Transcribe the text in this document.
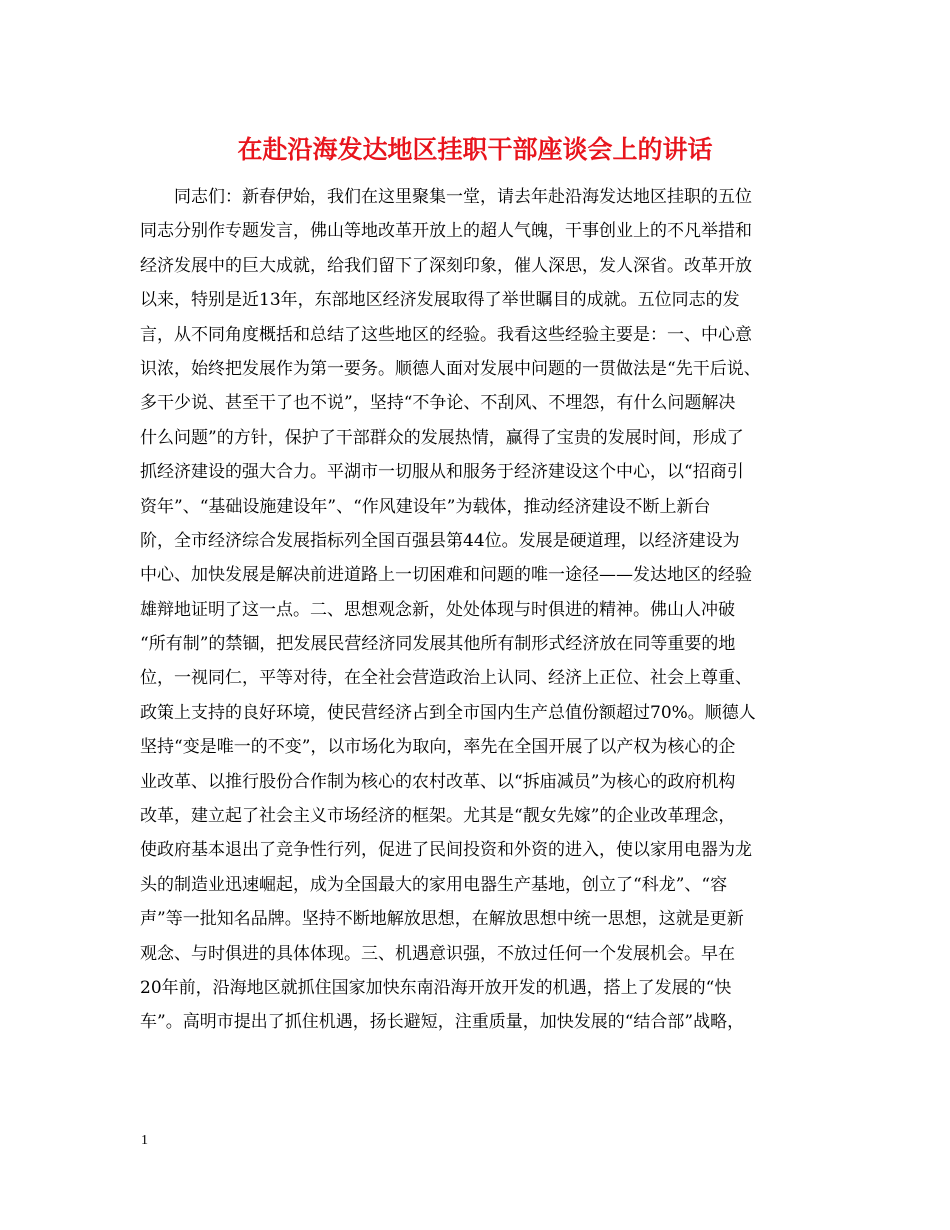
在赴沿海发达地区挂职干部座谈会上的讲话
　　同志们：新春伊始，我们在这里聚集一堂，请去年赴沿海发达地区挂职的五位
同志分别作专题发言，佛山等地改革开放上的超人气魄，干事创业上的不凡举措和
经济发展中的巨大成就，给我们留下了深刻印象，催人深思，发人深省。改革开放
以来，特别是近13年，东部地区经济发展取得了举世瞩目的成就。五位同志的发
言，从不同角度概括和总结了这些地区的经验。我看这些经验主要是：一、中心意
识浓，始终把发展作为第一要务。顺德人面对发展中问题的一贯做法是“先干后说、
多干少说、甚至干了也不说”，坚持“不争论、不刮风、不埋怨，有什么问题解决
什么问题”的方针，保护了干部群众的发展热情，赢得了宝贵的发展时间，形成了
抓经济建设的强大合力。平湖市一切服从和服务于经济建设这个中心，以“招商引
资年”、“基础设施建设年”、“作风建设年”为载体，推动经济建设不断上新台
阶，全市经济综合发展指标列全国百强县第44位。发展是硬道理，以经济建设为
中心、加快发展是解决前进道路上一切困难和问题的唯一途径——发达地区的经验
雄辩地证明了这一点。二、思想观念新，处处体现与时俱进的精神。佛山人冲破
“所有制”的禁锢，把发展民营经济同发展其他所有制形式经济放在同等重要的地
位，一视同仁，平等对待，在全社会营造政治上认同、经济上正位、社会上尊重、
政策上支持的良好环境，使民营经济占到全市国内生产总值份额超过70%。顺德人
坚持“变是唯一的不变”，以市场化为取向，率先在全国开展了以产权为核心的企
业改革、以推行股份合作制为核心的农村改革、以“拆庙减员”为核心的政府机构
改革，建立起了社会主义市场经济的框架。尤其是“靓女先嫁”的企业改革理念，
使政府基本退出了竞争性行列，促进了民间投资和外资的进入，使以家用电器为龙
头的制造业迅速崛起，成为全国最大的家用电器生产基地，创立了“科龙”、“容
声”等一批知名品牌。坚持不断地解放思想，在解放思想中统一思想，这就是更新
观念、与时俱进的具体体现。三、机遇意识强，不放过任何一个发展机会。早在
20年前，沿海地区就抓住国家加快东南沿海开放开发的机遇，搭上了发展的“快
车”。高明市提出了抓住机遇，扬长避短，注重质量，加快发展的“结合部”战略，
1
